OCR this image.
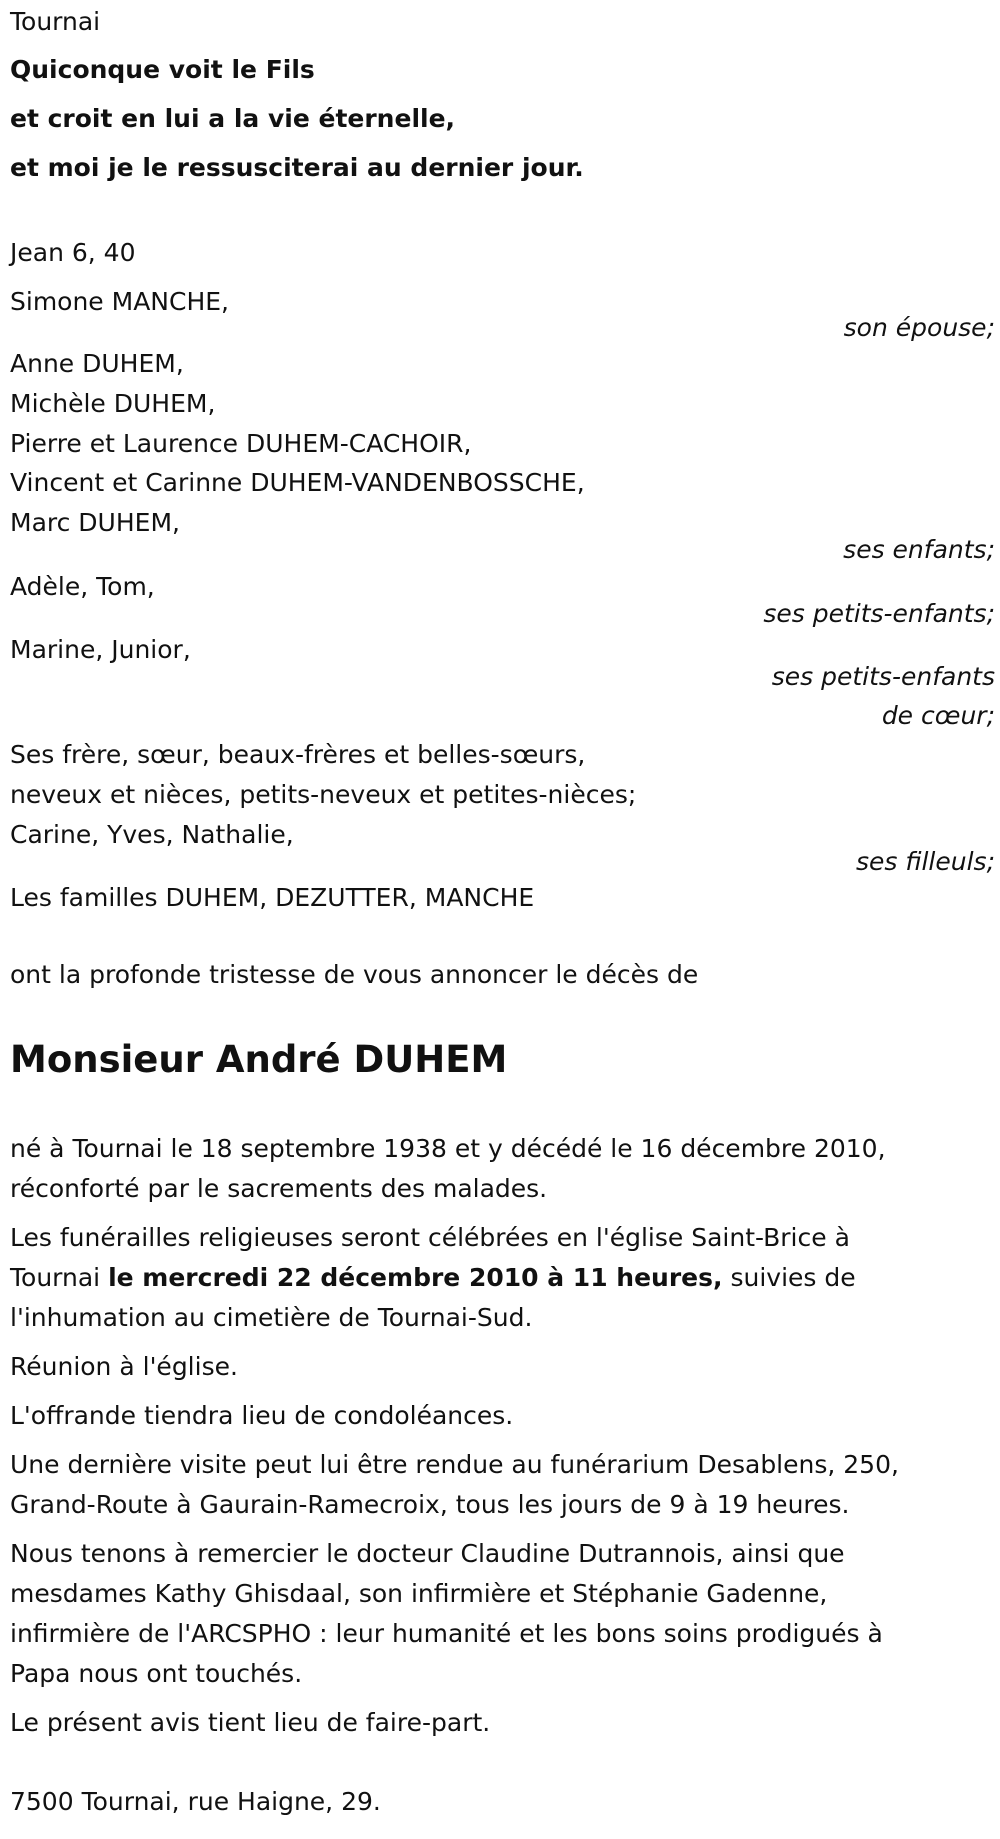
Tournai

Quiconque voit le Fils

et croit en lui a la vie éternelle,

et moi je le ressusciterai au dernier jour.

Jean 6, 40

Simone MANCHE,

son épouse;

Anne DUHEM,

Michèle DUHEM,

Pierre et Laurence DUHEM-CACHOIR,

Vincent et Carinne DUHEM-VANDENBOSSCHE,

Marc DUHEM,

ses enfants;

Adèle, Tom,

ses petits-enfants;

Marine, Junior,

ses petits-enfants

de cœur;

Ses frère, sœur, beaux-frères et belles-sœurs,

neveux et nièces, petits-neveux et petites-nièces;

Carine, Yves, Nathalie,

ses filleuls;

Les familles DUHEM, DEZUTTER, MANCHE

ont la profonde tristesse de vous annoncer le décès de

Monsieur André DUHEM

né à Tournai le 18 septembre 1938 et y décédé le 16 décembre 2010,

réconforté par le sacrements des malades.

Les funérailles religieuses seront célébrées en l'église Saint-Brice à

Tournai le mercredi 22 décembre 2010 à 11 heures, suivies de

l'inhumation au cimetière de Tournai-Sud.

Réunion à l'église.

L'offrande tiendra lieu de condoléances.

Une dernière visite peut lui être rendue au funérarium Desablens, 250,

Grand-Route à Gaurain-Ramecroix, tous les jours de 9 à 19 heures.

Nous tenons à remercier le docteur Claudine Dutrannois, ainsi que

mesdames Kathy Ghisdaal, son infirmière et Stéphanie Gadenne,

infirmière de l'ARCSPHO : leur humanité et les bons soins prodigués à

Papa nous ont touchés.

Le présent avis tient lieu de faire-part.

7500 Tournai, rue Haigne, 29.
